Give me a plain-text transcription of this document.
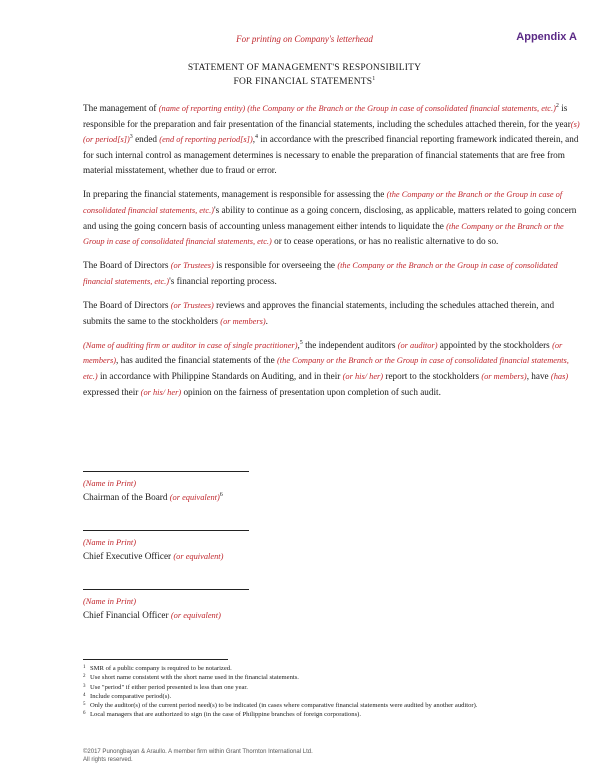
For printing on Company's letterhead	Appendix A
STATEMENT OF MANAGEMENT'S RESPONSIBILITY
FOR FINANCIAL STATEMENTS$^1$

The management of (name of reporting entity) (the Company or the Branch or the Group in case of consolidated financial statements, etc.)$^2$ is responsible for the preparation and fair presentation of the financial statements, including the schedules attached therein, for the year(s) (or period[s])$^3$ ended (end of reporting period[s]),$^4$ in accordance with the prescribed financial reporting framework indicated therein, and for such internal control as management determines is necessary to enable the preparation of financial statements that are free from material misstatement, whether due to fraud or error.

In preparing the financial statements, management is responsible for assessing the (the Company or the Branch or the Group in case of consolidated financial statements, etc.)'s ability to continue as a going concern, disclosing, as applicable, matters related to going concern and using the going concern basis of accounting unless management either intends to liquidate the (the Company or the Branch or the Group in case of consolidated financial statements, etc.) or to cease operations, or has no realistic alternative to do so.

The Board of Directors (or Trustees) is responsible for overseeing the (the Company or the Branch or the Group in case of consolidated financial statements, etc.)'s financial reporting process.

The Board of Directors (or Trustees) reviews and approves the financial statements, including the schedules attached therein, and submits the same to the stockholders (or members).

(Name of auditing firm or auditor in case of single practitioner),$^5$ the independent auditors (or auditor) appointed by the stockholders (or members), has audited the financial statements of the (the Company or the Branch or the Group in case of consolidated financial statements, etc.) in accordance with Philippine Standards on Auditing, and in their (or his/ her) report to the stockholders (or members), have (has) expressed their (or his/ her) opinion on the fairness of presentation upon completion of such audit.

(Name in Print)
Chairman of the Board (or equivalent)$^6$
(Name in Print)
Chief Executive Officer (or equivalent)
(Name in Print)
Chief Financial Officer (or equivalent)
1 SMR of a public company is required to be notarized.
2 Use short name consistent with the short name used in the financial statements.
3 Use "period" if either period presented is less than one year.
4 Include comparative period(s).
5 Only the auditor(s) of the current period need(s) to be indicated (in cases where comparative financial statements were audited by another auditor).
6 Local managers that are authorized to sign (in the case of Philippine branches of foreign corporations).
©2017 Punongbayan & Araullo. A member firm within Grant Thornton International Ltd.
All rights reserved.
